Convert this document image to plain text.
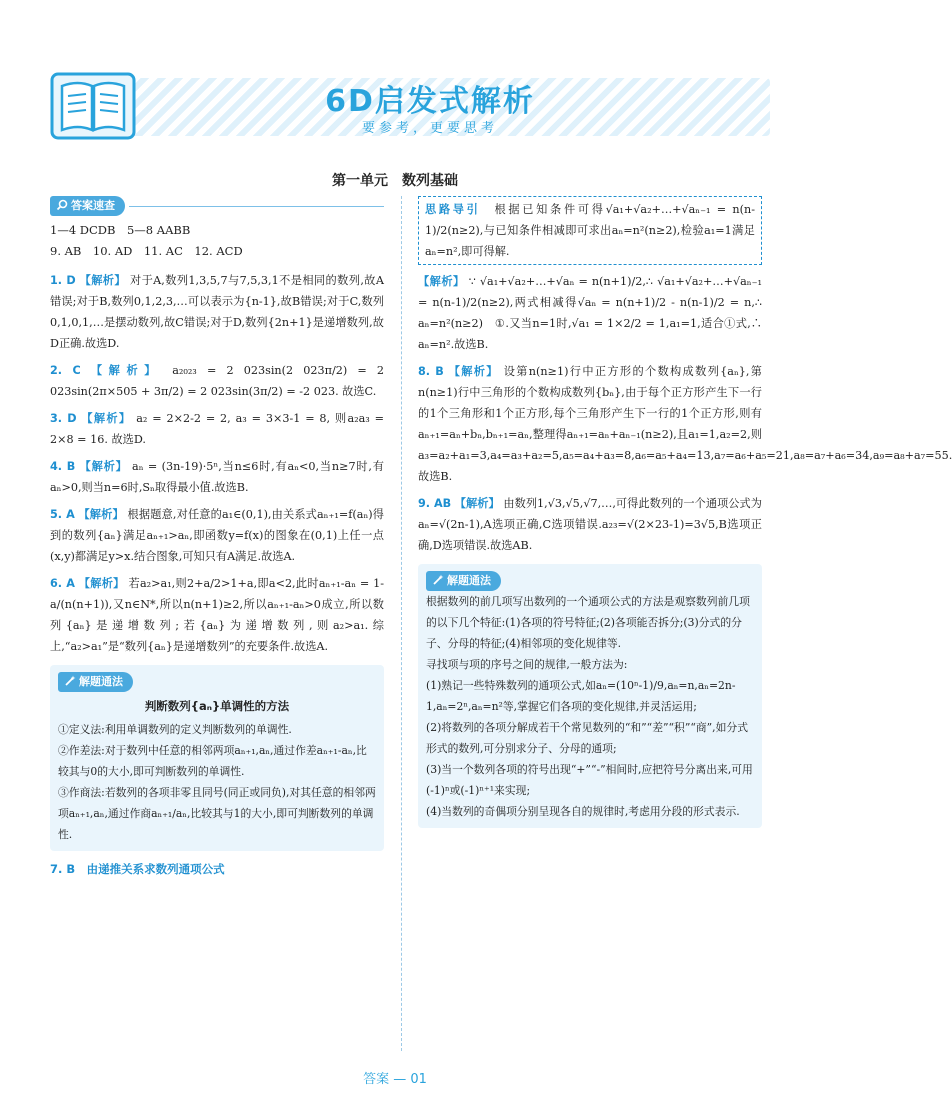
6D启发式解析
要参考，更要思考
第一单元　数列基础
答案速查
1—4 DCDB　5—8 AABB
9. AB　10. AD　11. AC　12. ACD

1. D 【解析】 对于A,数列1,3,5,7与7,5,3,1不是相同的数列,故A错误;对于B,数列0,1,2,3,…可以表示为{n-1},故B错误;对于C,数列0,1,0,1,…是摆动数列,故C错误;对于D,数列{2n+1}是递增数列,故D正确.故选D.

2. C 【解析】 a₂₀₂₃ = 2 023sin(2 023π/2) = 2 023sin(2π×505 + 3π/2) = 2 023sin(3π/2) = -2 023. 故选C.

3. D 【解析】 a₂ = 2×2-2 = 2, a₃ = 3×3-1 = 8, 则a₂a₃ = 2×8 = 16. 故选D.

4. B 【解析】 aₙ = (3n-19)·5ⁿ,当n≤6时,有aₙ<0,当n≥7时,有aₙ>0,则当n=6时,Sₙ取得最小值.故选B.

5. A 【解析】 根据题意,对任意的a₁∈(0,1),由关系式aₙ₊₁=f(aₙ)得到的数列{aₙ}满足aₙ₊₁>aₙ,即函数y=f(x)的图象在(0,1)上任一点(x,y)都满足y>x.结合图象,可知只有A满足.故选A.

6. A 【解析】 若a₂>a₁,则2+a/2>1+a,即a<2,此时aₙ₊₁-aₙ = 1-a/(n(n+1)),又n∈N*,所以n(n+1)≥2,所以aₙ₊₁-aₙ>0成立,所以数列{aₙ}是递增数列;若{aₙ}为递增数列,则a₂>a₁.综上,“a₂>a₁”是“数列{aₙ}是递增数列”的充要条件.故选A.

解题通法
判断数列{aₙ}单调性的方法

①定义法:利用单调数列的定义判断数列的单调性.

②作差法:对于数列中任意的相邻两项aₙ₊₁,aₙ,通过作差aₙ₊₁-aₙ,比较其与0的大小,即可判断数列的单调性.

③作商法:若数列的各项非零且同号(同正或同负),对其任意的相邻两项aₙ₊₁,aₙ,通过作商aₙ₊₁/aₙ,比较其与1的大小,即可判断数列的单调性.

7. B　由递推关系求数列通项公式

思路导引　 根据已知条件可得√a₁+√a₂+…+√aₙ₋₁ = n(n-1)/2(n≥2),与已知条件相减即可求出aₙ=n²(n≥2),检验a₁=1满足aₙ=n²,即可得解.

【解析】 ∵ √a₁+√a₂+…+√aₙ = n(n+1)/2,∴ √a₁+√a₂+…+√aₙ₋₁ = n(n-1)/2(n≥2),两式相减得√aₙ = n(n+1)/2 - n(n-1)/2 = n,∴ aₙ=n²(n≥2)　①.又当n=1时,√a₁ = 1×2/2 = 1,a₁=1,适合①式,∴ aₙ=n².故选B.

8. B 【解析】 设第n(n≥1)行中正方形的个数构成数列{aₙ},第n(n≥1)行中三角形的个数构成数列{bₙ},由于每个正方形产生下一行的1个三角形和1个正方形,每个三角形产生下一行的1个正方形,则有aₙ₊₁=aₙ+bₙ,bₙ₊₁=aₙ,整理得aₙ₊₁=aₙ+aₙ₋₁(n≥2),且a₁=1,a₂=2,则a₃=a₂+a₁=3,a₄=a₃+a₂=5,a₅=a₄+a₃=8,a₆=a₅+a₄=13,a₇=a₆+a₅=21,a₈=a₇+a₆=34,a₉=a₈+a₇=55.故选B.

9. AB 【解析】 由数列1,√3,√5,√7,…,可得此数列的一个通项公式为aₙ=√(2n-1),A选项正确,C选项错误.a₂₃=√(2×23-1)=3√5,B选项正确,D选项错误.故选AB.

解题通法

根据数列的前几项写出数列的一个通项公式的方法是观察数列前几项的以下几个特征:(1)各项的符号特征;(2)各项能否拆分;(3)分式的分子、分母的特征;(4)相邻项的变化规律等.

寻找项与项的序号之间的规律,一般方法为:

(1)熟记一些特殊数列的通项公式,如aₙ=(10ⁿ-1)/9,aₙ=n,aₙ=2n-1,aₙ=2ⁿ,aₙ=n²等,掌握它们各项的变化规律,并灵活运用;

(2)将数列的各项分解成若干个常见数列的“和”“差”“积”“商”,如分式形式的数列,可分别求分子、分母的通项;

(3)当一个数列各项的符号出现“+”“-”相间时,应把符号分离出来,可用(-1)ⁿ或(-1)ⁿ⁺¹来实现;

(4)当数列的奇偶项分别呈现各自的规律时,考虑用分段的形式表示.

答案 — 01
